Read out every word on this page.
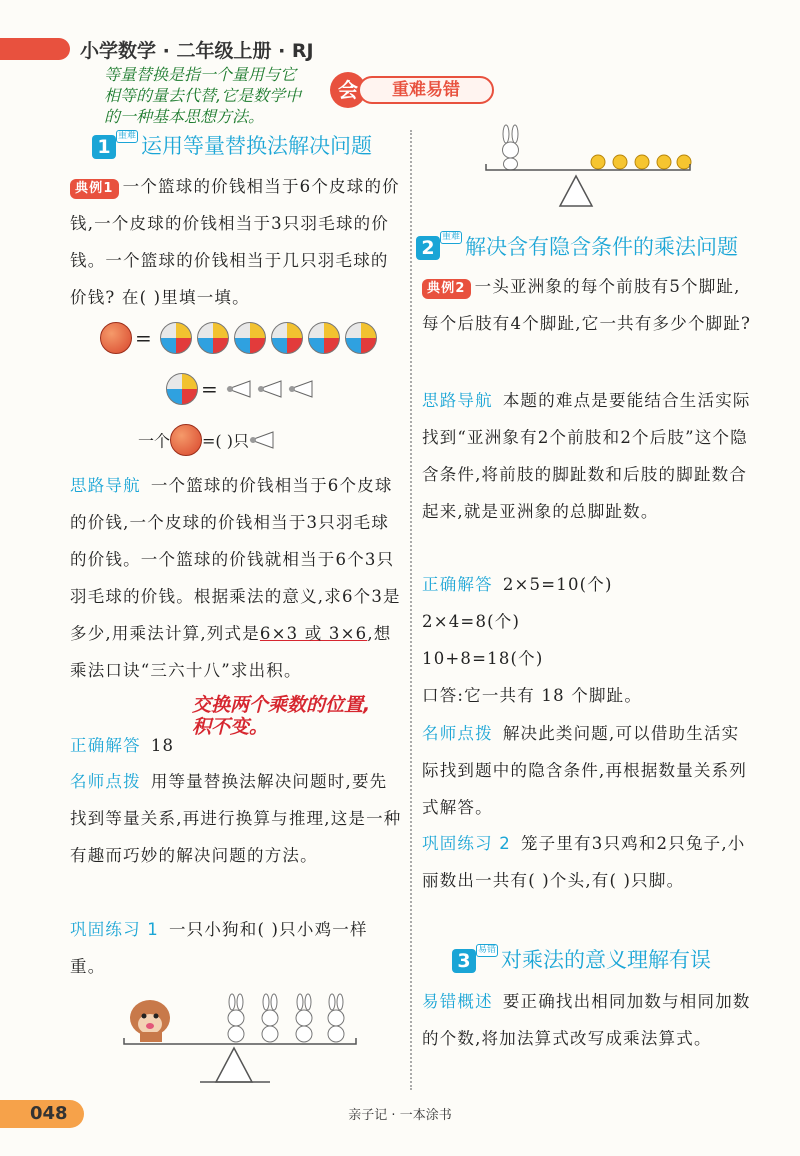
小学数学 · 二年级上册 · RJ
等量替换是指一个量用与它
相等的量去代替,它是数学中
的一种基本思想方法。
会	重难易错
1 重难 运用等量替换法解决问题
典例1 一个篮球的价钱相当于6个皮球的价钱,一个皮球的价钱相当于3只羽毛球的价钱。一个篮球的价钱相当于几只羽毛球的价钱? 在( )里填一填。
=
=
一个 =( )只
思路导航 一个篮球的价钱相当于6个皮球的价钱,一个皮球的价钱相当于3只羽毛球的价钱。一个篮球的价钱就相当于6个3只羽毛球的价钱。根据乘法的意义,求6个3是多少,用乘法计算,列式是6×3 或 3×6,想乘法口诀“三六十八”求出积。
交换两个乘数的位置,
积不变。
正确解答 18
名师点拨 用等量替换法解决问题时,要先找到等量关系,再进行换算与推理,这是一种有趣而巧妙的解决问题的方法。
巩固练习 1 一只小狗和( )只小鸡一样重。
2 重难 解决含有隐含条件的乘法问题
典例2 一头亚洲象的每个前肢有5个脚趾,每个后肢有4个脚趾,它一共有多少个脚趾?
思路导航 本题的难点是要能结合生活实际找到“亚洲象有2个前肢和2个后肢”这个隐含条件,将前肢的脚趾数和后肢的脚趾数合起来,就是亚洲象的总脚趾数。
正确解答 2×5=10(个)
2×4=8(个)
10+8=18(个)
口答:它一共有 18 个脚趾。
名师点拨 解决此类问题,可以借助生活实际找到题中的隐含条件,再根据数量关系列式解答。
巩固练习 2 笼子里有3只鸡和2只兔子,小丽数出一共有( )个头,有( )只脚。
3 易错 对乘法的意义理解有误
易错概述 要正确找出相同加数与相同加数的个数,将加法算式改写成乘法算式。
048	亲子记 · 一本涂书
